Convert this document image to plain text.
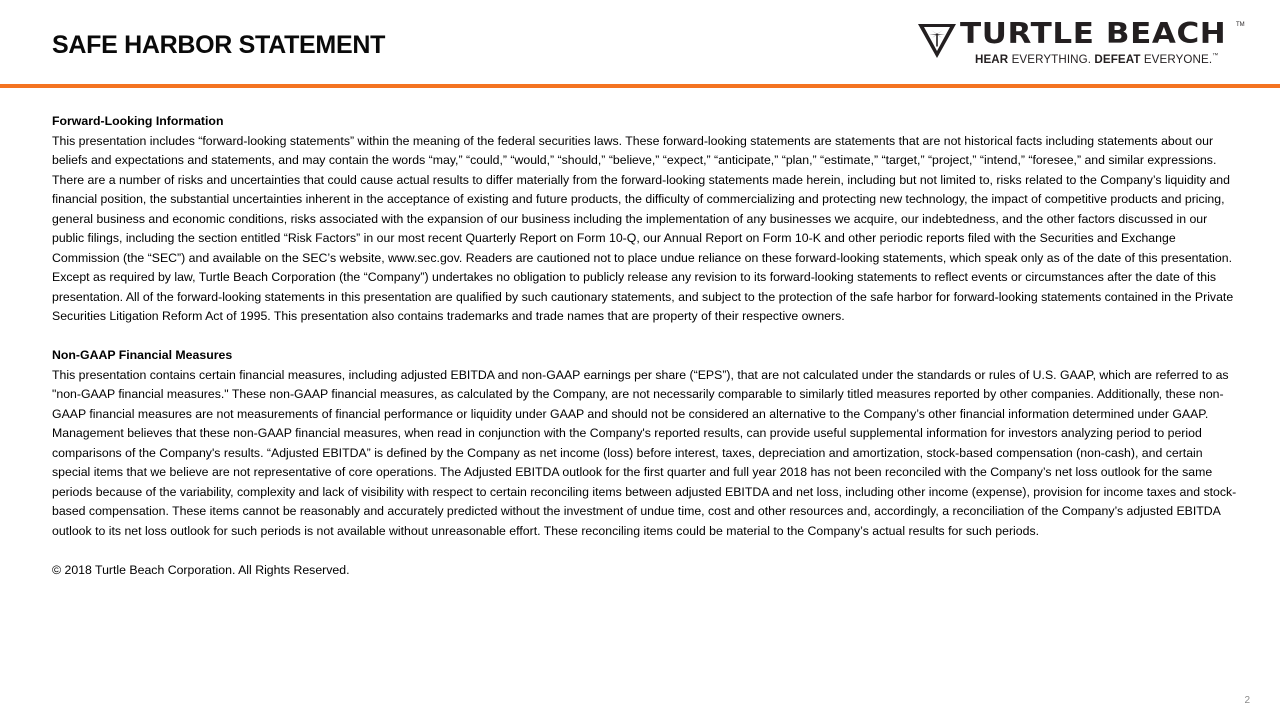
SAFE HARBOR STATEMENT	TURTLE BEACH TM
HEAR EVERYTHING. DEFEAT EVERYONE.™

Forward-Looking Information

This presentation includes “forward-looking statements” within the meaning of the federal securities laws. These forward-looking statements are statements that are not historical facts including statements about our beliefs and expectations and statements, and may contain the words “may,” “could,” “would,” “should,” “believe,” “expect,” “anticipate,” “plan,” “estimate,” “target,” “project,” “intend,” “foresee,” and similar expressions. There are a number of risks and uncertainties that could cause actual results to differ materially from the forward-looking statements made herein, including but not limited to, risks related to the Company’s liquidity and financial position, the substantial uncertainties inherent in the acceptance of existing and future products, the difficulty of commercializing and protecting new technology, the impact of competitive products and pricing, general business and economic conditions, risks associated with the expansion of our business including the implementation of any businesses we acquire, our indebtedness, and the other factors discussed in our public filings, including the section entitled “Risk Factors” in our most recent Quarterly Report on Form 10-Q, our Annual Report on Form 10-K and other periodic reports filed with the Securities and Exchange Commission (the “SEC”) and available on the SEC’s website, www.sec.gov. Readers are cautioned not to place undue reliance on these forward-looking statements, which speak only as of the date of this presentation. Except as required by law, Turtle Beach Corporation (the “Company”) undertakes no obligation to publicly release any revision to its forward-looking statements to reflect events or circumstances after the date of this presentation. All of the forward-looking statements in this presentation are qualified by such cautionary statements, and subject to the protection of the safe harbor for forward-looking statements contained in the Private Securities Litigation Reform Act of 1995. This presentation also contains trademarks and trade names that are property of their respective owners.

Non-GAAP Financial Measures

This presentation contains certain financial measures, including adjusted EBITDA and non-GAAP earnings per share (“EPS”), that are not calculated under the standards or rules of U.S. GAAP, which are referred to as "non-GAAP financial measures." These non-GAAP financial measures, as calculated by the Company, are not necessarily comparable to similarly titled measures reported by other companies. Additionally, these non-GAAP financial measures are not measurements of financial performance or liquidity under GAAP and should not be considered an alternative to the Company’s other financial information determined under GAAP. Management believes that these non-GAAP financial measures, when read in conjunction with the Company's reported results, can provide useful supplemental information for investors analyzing period to period comparisons of the Company's results. “Adjusted EBITDA” is defined by the Company as net income (loss) before interest, taxes, depreciation and amortization, stock-based compensation (non-cash), and certain special items that we believe are not representative of core operations. The Adjusted EBITDA outlook for the first quarter and full year 2018 has not been reconciled with the Company’s net loss outlook for the same periods because of the variability, complexity and lack of visibility with respect to certain reconciling items between adjusted EBITDA and net loss, including other income (expense), provision for income taxes and stock-based compensation. These items cannot be reasonably and accurately predicted without the investment of undue time, cost and other resources and, accordingly, a reconciliation of the Company’s adjusted EBITDA outlook to its net loss outlook for such periods is not available without unreasonable effort. These reconciling items could be material to the Company’s actual results for such periods.

© 2018 Turtle Beach Corporation. All Rights Reserved.

2
